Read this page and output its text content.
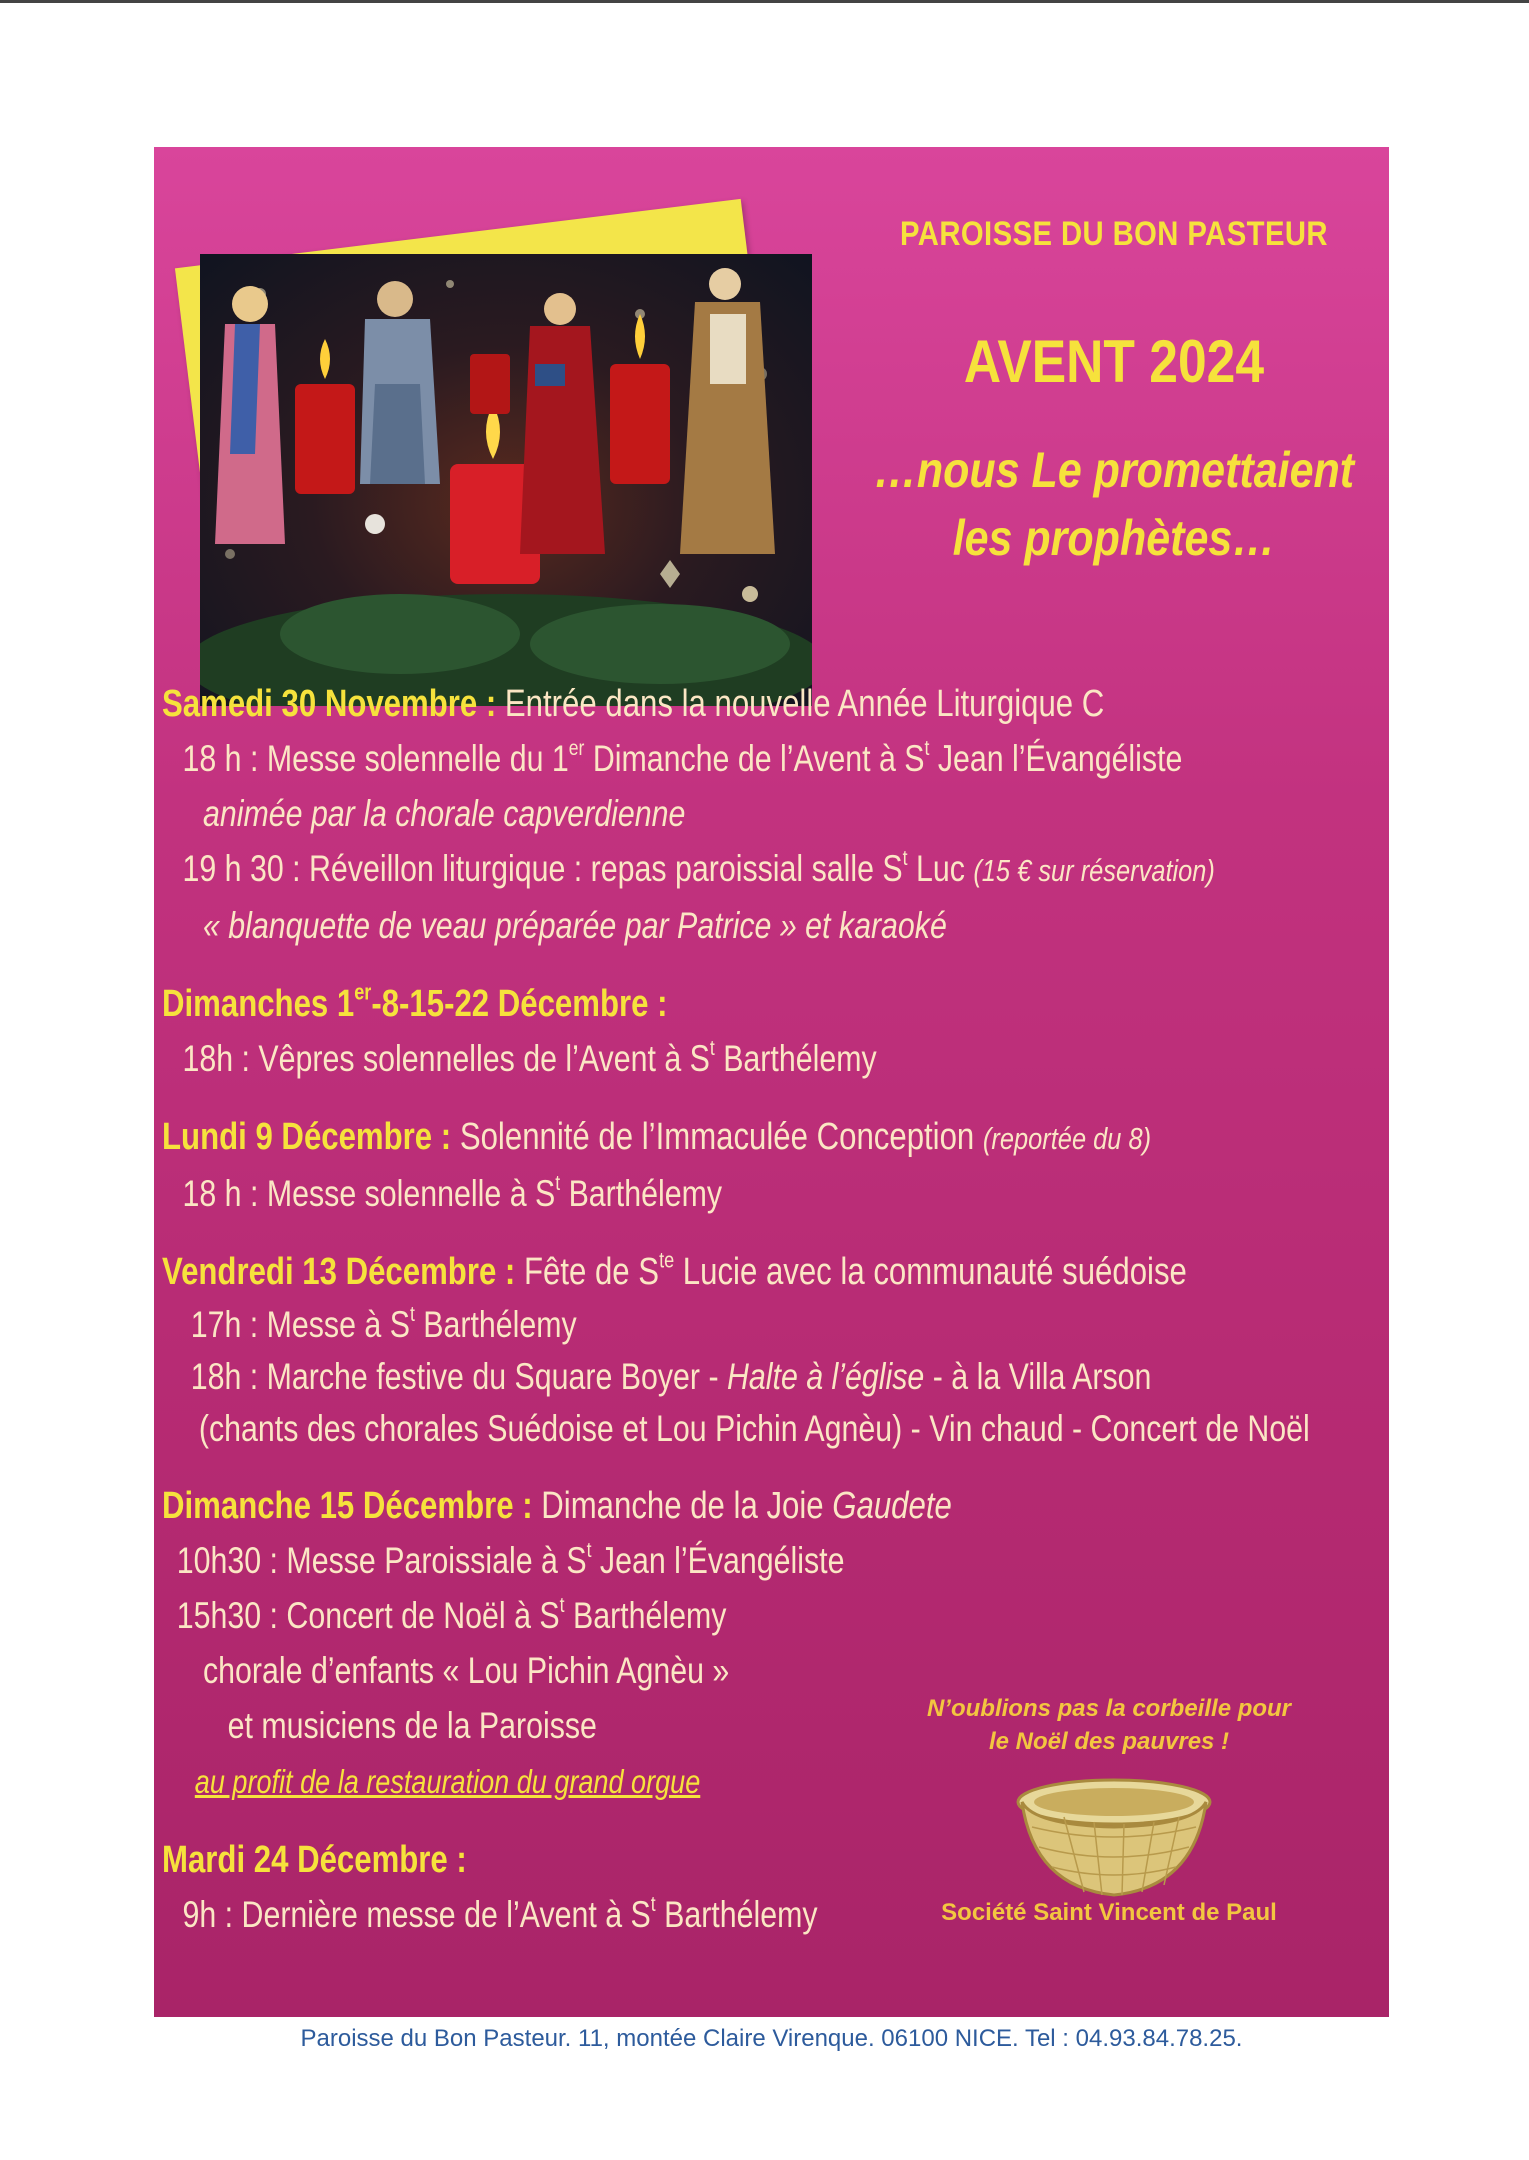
PAROISSE DU BON PASTEUR
AVENT 2024
…nous Le promettaient
les prophètes…
Samedi 30 Novembre : Entrée dans la nouvelle Année Liturgique C
18 h : Messe solennelle du 1er Dimanche de l’Avent à $S^t$ Jean l’Évangéliste
animée par la chorale capverdienne
19 h 30 : Réveillon liturgique : repas paroissial salle $S^t$ Luc (15 € sur réservation)
« blanquette de veau préparée par Patrice » et karaoké
Dimanches 1er-8-15-22 Décembre :
18h : Vêpres solennelles de l’Avent à $S^t$ Barthélemy
Lundi 9 Décembre : Solennité de l’Immaculée Conception (reportée du 8)
18 h : Messe solennelle à $S^t$ Barthélemy
Vendredi 13 Décembre : Fête de $S^{te}$ Lucie avec la communauté suédoise
17h : Messe à $S^t$ Barthélemy
18h : Marche festive du Square Boyer - Halte à l’église - à la Villa Arson
(chants des chorales Suédoise et Lou Pichin Agnèu) - Vin chaud - Concert de Noël
Dimanche 15 Décembre : Dimanche de la Joie Gaudete
10h30 : Messe Paroissiale à $S^t$ Jean l’Évangéliste
15h30 : Concert de Noël à $S^t$ Barthélemy
chorale d’enfants « Lou Pichin Agnèu »
et musiciens de la Paroisse
au profit de la restauration du grand orgue
Mardi 24 Décembre :
9h : Dernière messe de l’Avent à $S^t$ Barthélemy
N’oublions pas la corbeille pour
le Noël des pauvres !
Société Saint Vincent de Paul
Paroisse du Bon Pasteur. 11, montée Claire Virenque. 06100 NICE. Tel : 04.93.84.78.25.
